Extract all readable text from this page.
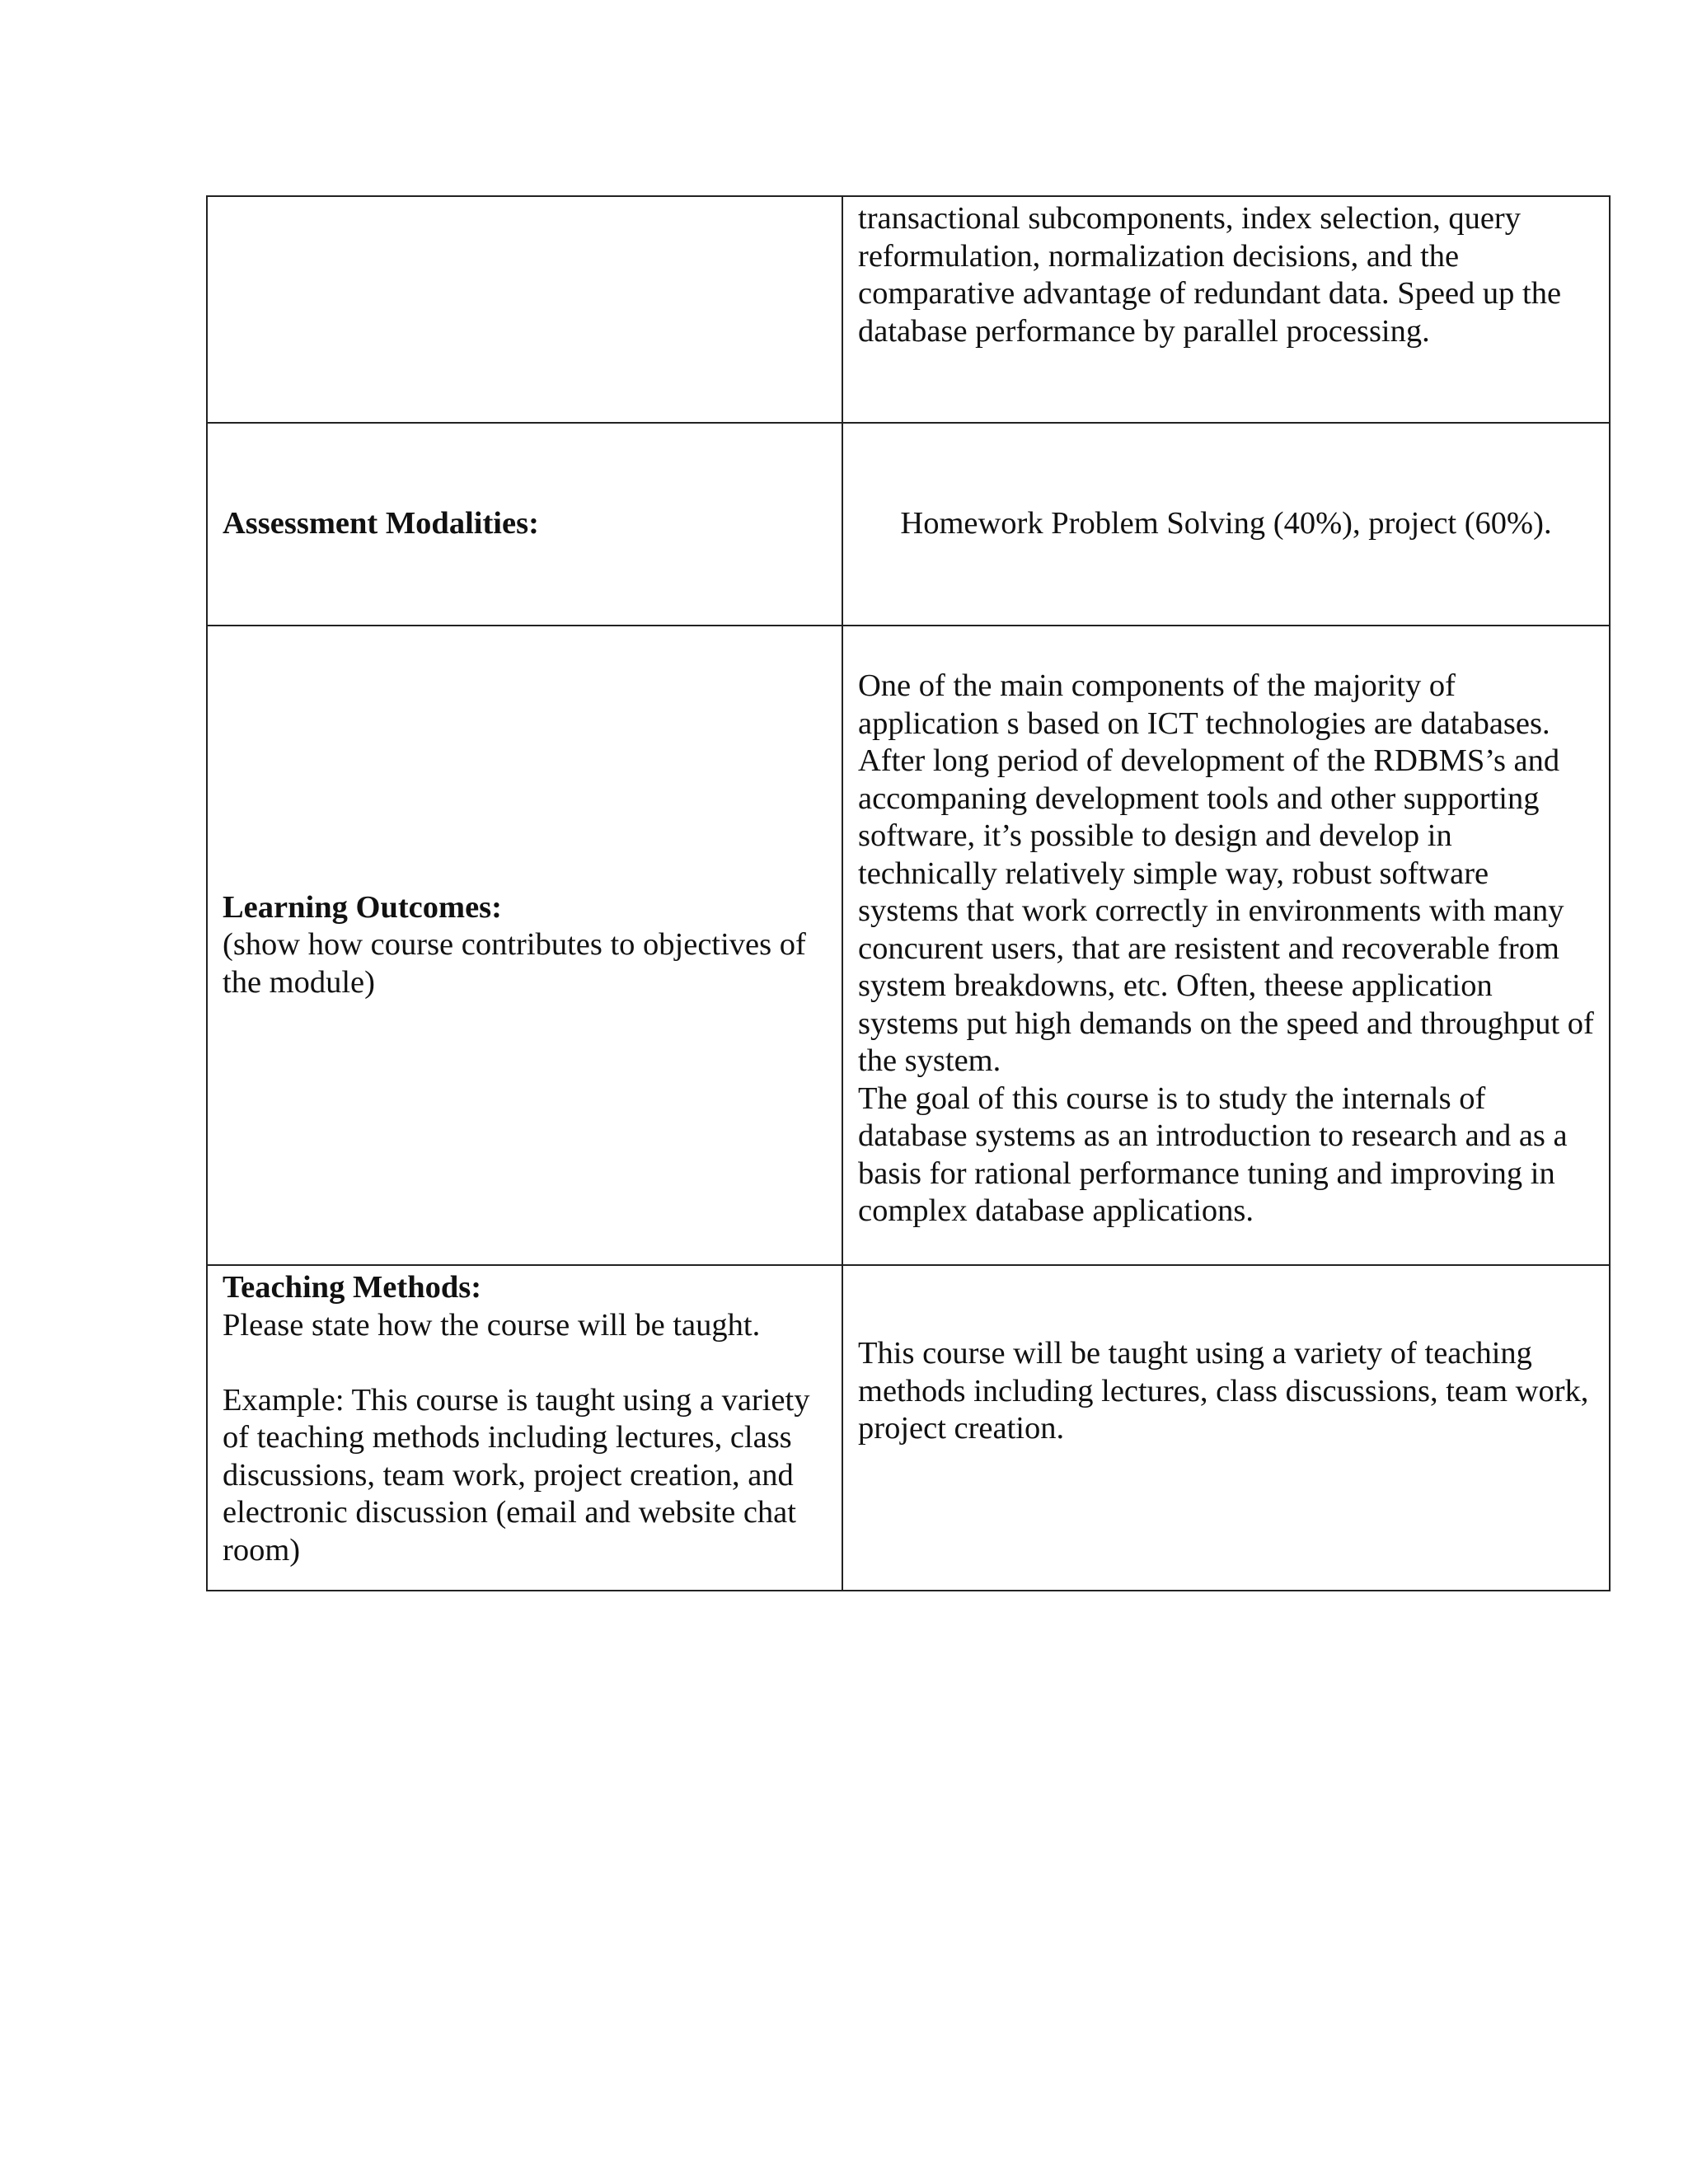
	transactional subcomponents, index selection, query reformulation, normalization decisions, and the comparative advantage of redundant data. Speed up the database performance by parallel processing.
Assessment Modalities:	Homework Problem Solving (40%), project (60%).

Learning Outcomes:
(show how course contributes to objectives of the module)	One of the main components of the majority of application s based on ICT technologies are databases. After long period of development of the RDBMS’s and accompaning development tools and other supporting software, it’s possible to design and develop in technically relatively simple way, robust software systems that work correctly in environments with many concurent users, that are resistent and recoverable from system breakdowns, etc. Often, theese application systems put high demands on the speed and throughput of the system.
The goal of this course is to study the internals of database systems as an introduction to research and as a basis for rational performance tuning and improving in complex database applications.

Teaching Methods:
Please state how the course will be taught.
Example: This course is taught using a variety of teaching methods including lectures, class discussions, team work, project creation, and electronic discussion (email and website chat room)	This course will be taught using a variety of teaching methods including lectures, class discussions, team work, project creation.
